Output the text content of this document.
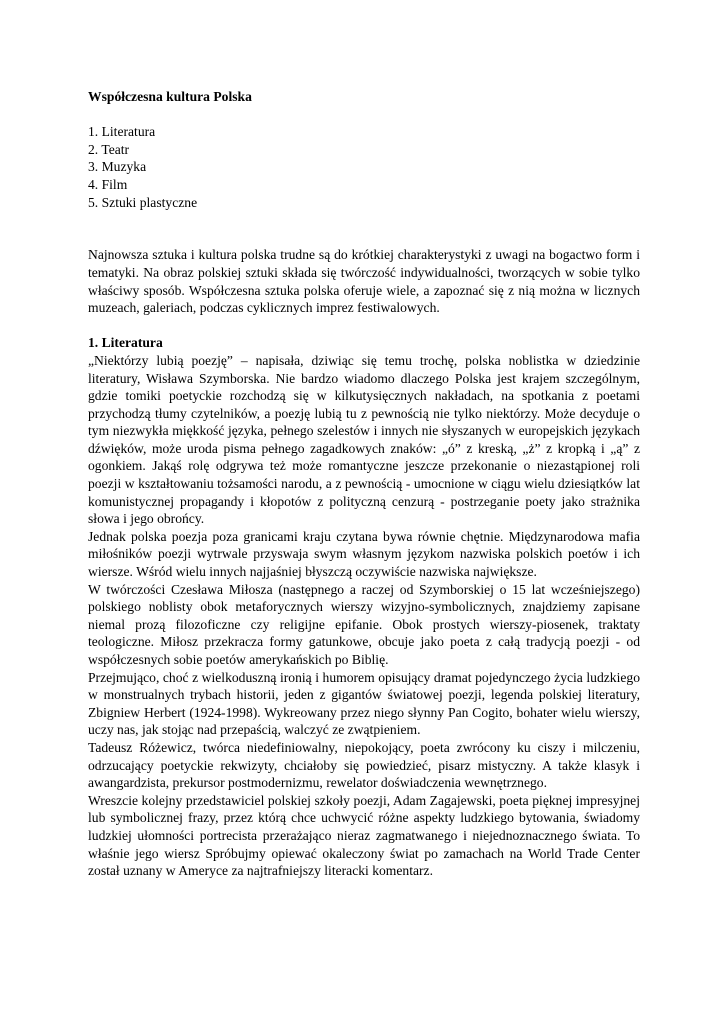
Współczesna kultura Polska

1. Literatura
2. Teatr
3. Muzyka
4. Film
5. Sztuki plastyczne

Najnowsza sztuka i kultura polska trudne są do krótkiej charakterystyki z uwagi na bogactwo form i tematyki. Na obraz polskiej sztuki składa się twórczość indywidualności, tworzących w sobie tylko właściwy sposób. Współczesna sztuka polska oferuje wiele, a zapoznać się z nią można w licznych muzeach, galeriach, podczas cyklicznych imprez festiwalowych.

1. Literatura

„Niektórzy lubią poezję” – napisała, dziwiąc się temu trochę, polska noblistka w dziedzinie literatury, Wisława Szymborska. Nie bardzo wiadomo dlaczego Polska jest krajem szczególnym, gdzie tomiki poetyckie rozchodzą się w kilkutysięcznych nakładach, na spotkania z poetami przychodzą tłumy czytelników, a poezję lubią tu z pewnością nie tylko niektórzy. Może decyduje o tym niezwykła miękkość języka, pełnego szelestów i innych nie słyszanych w europejskich językach dźwięków, może uroda pisma pełnego zagadkowych znaków: „ó” z kreską, „ż” z kropką i „ą” z ogonkiem. Jakąś rolę odgrywa też może romantyczne jeszcze przekonanie o niezastąpionej roli poezji w kształtowaniu tożsamości narodu, a z pewnością - umocnione w ciągu wielu dziesiątków lat komunistycznej propagandy i kłopotów z polityczną cenzurą - postrzeganie poety jako strażnika słowa i jego obrońcy.

Jednak polska poezja poza granicami kraju czytana bywa równie chętnie. Międzynarodowa mafia miłośników poezji wytrwale przyswaja swym własnym językom nazwiska polskich poetów i ich wiersze. Wśród wielu innych najjaśniej błyszczą oczywiście nazwiska największe.

W twórczości Czesława Miłosza (następnego a raczej od Szymborskiej o 15 lat wcześniejszego) polskiego noblisty obok metaforycznych wierszy wizyjno-symbolicznych, znajdziemy zapisane niemal prozą filozoficzne czy religijne epifanie. Obok prostych wierszy-piosenek, traktaty teologiczne. Miłosz przekracza formy gatunkowe, obcuje jako poeta z całą tradycją poezji - od współczesnych sobie poetów amerykańskich po Biblię.

Przejmująco, choć z wielkoduszną ironią i humorem opisujący dramat pojedynczego życia ludzkiego w monstrualnych trybach historii, jeden z gigantów światowej poezji, legenda polskiej literatury, Zbigniew Herbert (1924-1998). Wykreowany przez niego słynny Pan Cogito, bohater wielu wierszy, uczy nas, jak stojąc nad przepaścią, walczyć ze zwątpieniem.

Tadeusz Różewicz, twórca niedefiniowalny, niepokojący, poeta zwrócony ku ciszy i milczeniu, odrzucający poetyckie rekwizyty, chciałoby się powiedzieć, pisarz mistyczny. A także klasyk i awangardzista, prekursor postmodernizmu, rewelator doświadczenia wewnętrznego.

Wreszcie kolejny przedstawiciel polskiej szkoły poezji, Adam Zagajewski, poeta pięknej impresyjnej lub symbolicznej frazy, przez którą chce uchwycić różne aspekty ludzkiego bytowania, świadomy ludzkiej ułomności portrecista przerażająco nieraz zagmatwanego i niejednoznacznego świata. To właśnie jego wiersz Spróbujmy opiewać okaleczony świat po zamachach na World Trade Center został uznany w Ameryce za najtrafniejszy literacki komentarz.
